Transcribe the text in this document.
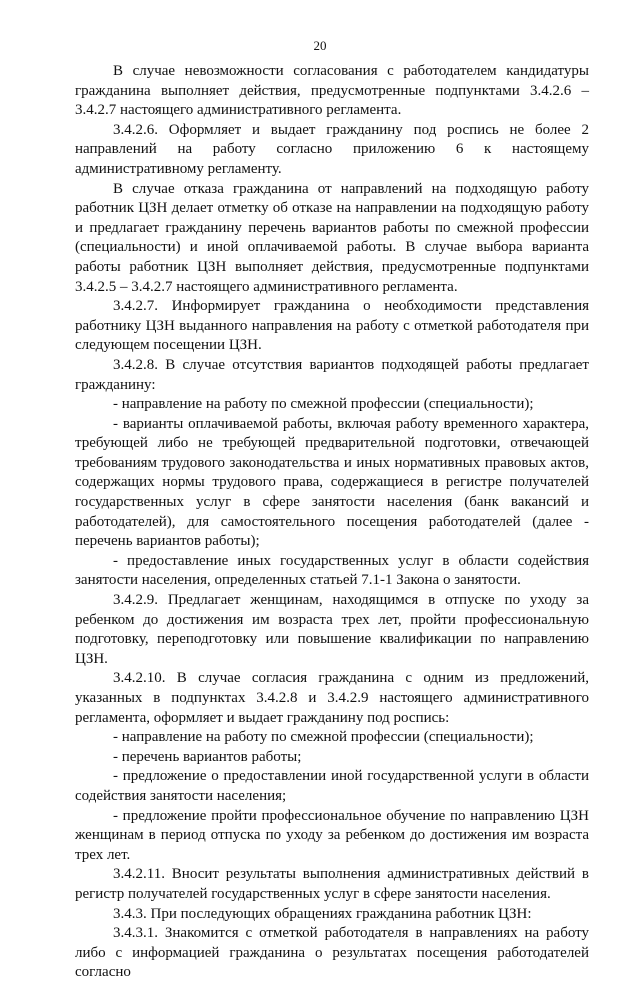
20

В случае невозможности согласования с работодателем кандидатуры гражданина выполняет действия, предусмотренные подпунктами 3.4.2.6 – 3.4.2.7 настоящего административного регламента.

3.4.2.6. Оформляет и выдает гражданину под роспись не более 2 направлений на работу согласно приложению 6 к настоящему административному регламенту.

В случае отказа гражданина от направлений на подходящую работу работник ЦЗН делает отметку об отказе на направлении на подходящую работу и предлагает гражданину перечень вариантов работы по смежной профессии (специальности) и иной оплачиваемой работы. В случае выбора варианта работы работник ЦЗН выполняет действия, предусмотренные подпунктами 3.4.2.5 – 3.4.2.7 настоящего административного регламента.

3.4.2.7. Информирует гражданина о необходимости представления работнику ЦЗН выданного направления на работу с отметкой работодателя при следующем посещении ЦЗН.

3.4.2.8. В случае отсутствия вариантов подходящей работы предлагает гражданину:

- направление на работу по смежной профессии (специальности);

- варианты оплачиваемой работы, включая работу временного характера, требующей либо не требующей предварительной подготовки, отвечающей требованиям трудового законодательства и иных нормативных правовых актов, содержащих нормы трудового права, содержащиеся в регистре получателей государственных услуг в сфере занятости населения (банк вакансий и работодателей), для самостоятельного посещения работодателей (далее - перечень вариантов работы);

- предоставление иных государственных услуг в области содействия занятости населения, определенных статьей 7.1-1 Закона о занятости.

3.4.2.9. Предлагает женщинам, находящимся в отпуске по уходу за ребенком до достижения им возраста трех лет, пройти профессиональную подготовку, переподготовку или повышение квалификации по направлению ЦЗН.

3.4.2.10. В случае согласия гражданина с одним из предложений, указанных в подпунктах 3.4.2.8 и 3.4.2.9 настоящего административного регламента, оформляет и выдает гражданину под роспись:

- направление на работу по смежной профессии (специальности);

- перечень вариантов работы;

- предложение о предоставлении иной государственной услуги в области содействия занятости населения;

- предложение пройти профессиональное обучение по направлению ЦЗН женщинам в период отпуска по уходу за ребенком до достижения им возраста трех лет.

3.4.2.11. Вносит результаты выполнения административных действий в регистр получателей государственных услуг в сфере занятости населения.

3.4.3. При последующих обращениях гражданина работник ЦЗН:

3.4.3.1. Знакомится с отметкой работодателя в направлениях на работу либо с информацией гражданина о результатах посещения работодателей согласно
